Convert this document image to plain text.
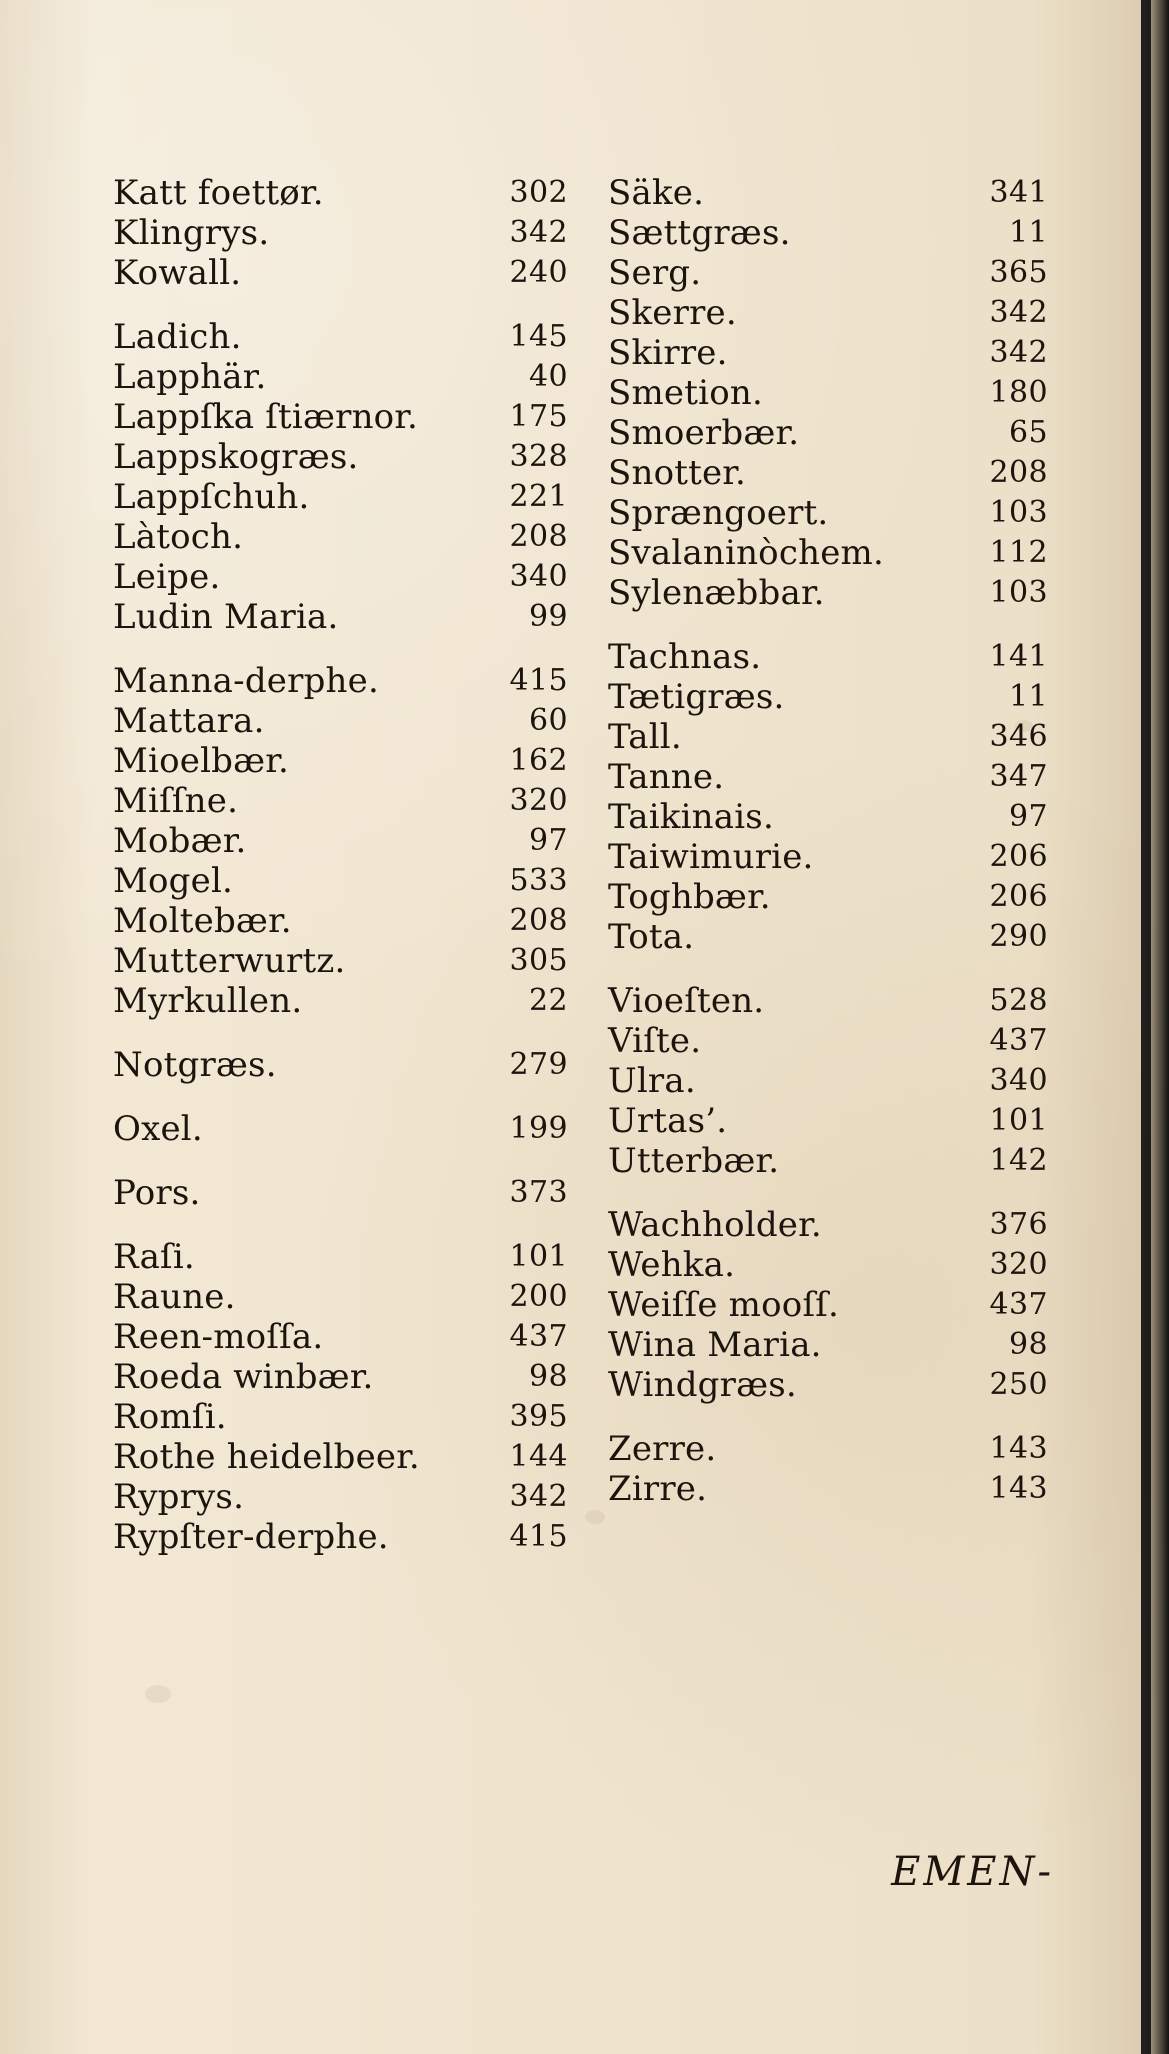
Katt foettør.	302
Klingrys.	342
Kowall.	240
Ladich.	145
Lapphär.	40
Lappſka ſtiærnor.	175
Lappskogræs.	328
Lappſchuh.	221
Làtoch.	208
Leipe.	340
Ludin Maria.	99
Manna-derphe.	415
Mattara.	60
Mioelbær.	162
Miſſne.	320
Mobær.	97
Mogel.	533
Moltebær.	208
Mutterwurtz.	305
Myrkullen.	22
Notgræs.	279
Oxel.	199
Pors.	373
Raſi.	101
Raune.	200
Reen-moſſa.	437
Roeda winbær.	98
Romſi.	395
Rothe heidelbeer.	144
Ryprys.	342
Rypſter-derphe.	415
Säke.	341
Sættgræs.	11
Serg.	365
Skerre.	342
Skirre.	342
Smetion.	180
Smoerbær.	65
Snotter.	208
Sprængoert.	103
Svalaninòchem.	112
Sylenæbbar.	103
Tachnas.	141
Tætigræs.	11
Tall.	346
Tanne.	347
Taikinais.	97
Taiwimurie.	206
Toghbær.	206
Tota.	290
Vioeſten.	528
Viſte.	437
Ulra.	340
Urtas’.	101
Utterbær.	142
Wachholder.	376
Wehka.	320
Weiſſe mooſſ.	437
Wina Maria.	98
Windgræs.	250
Zerre.	143
Zirre.	143
EMEN-
